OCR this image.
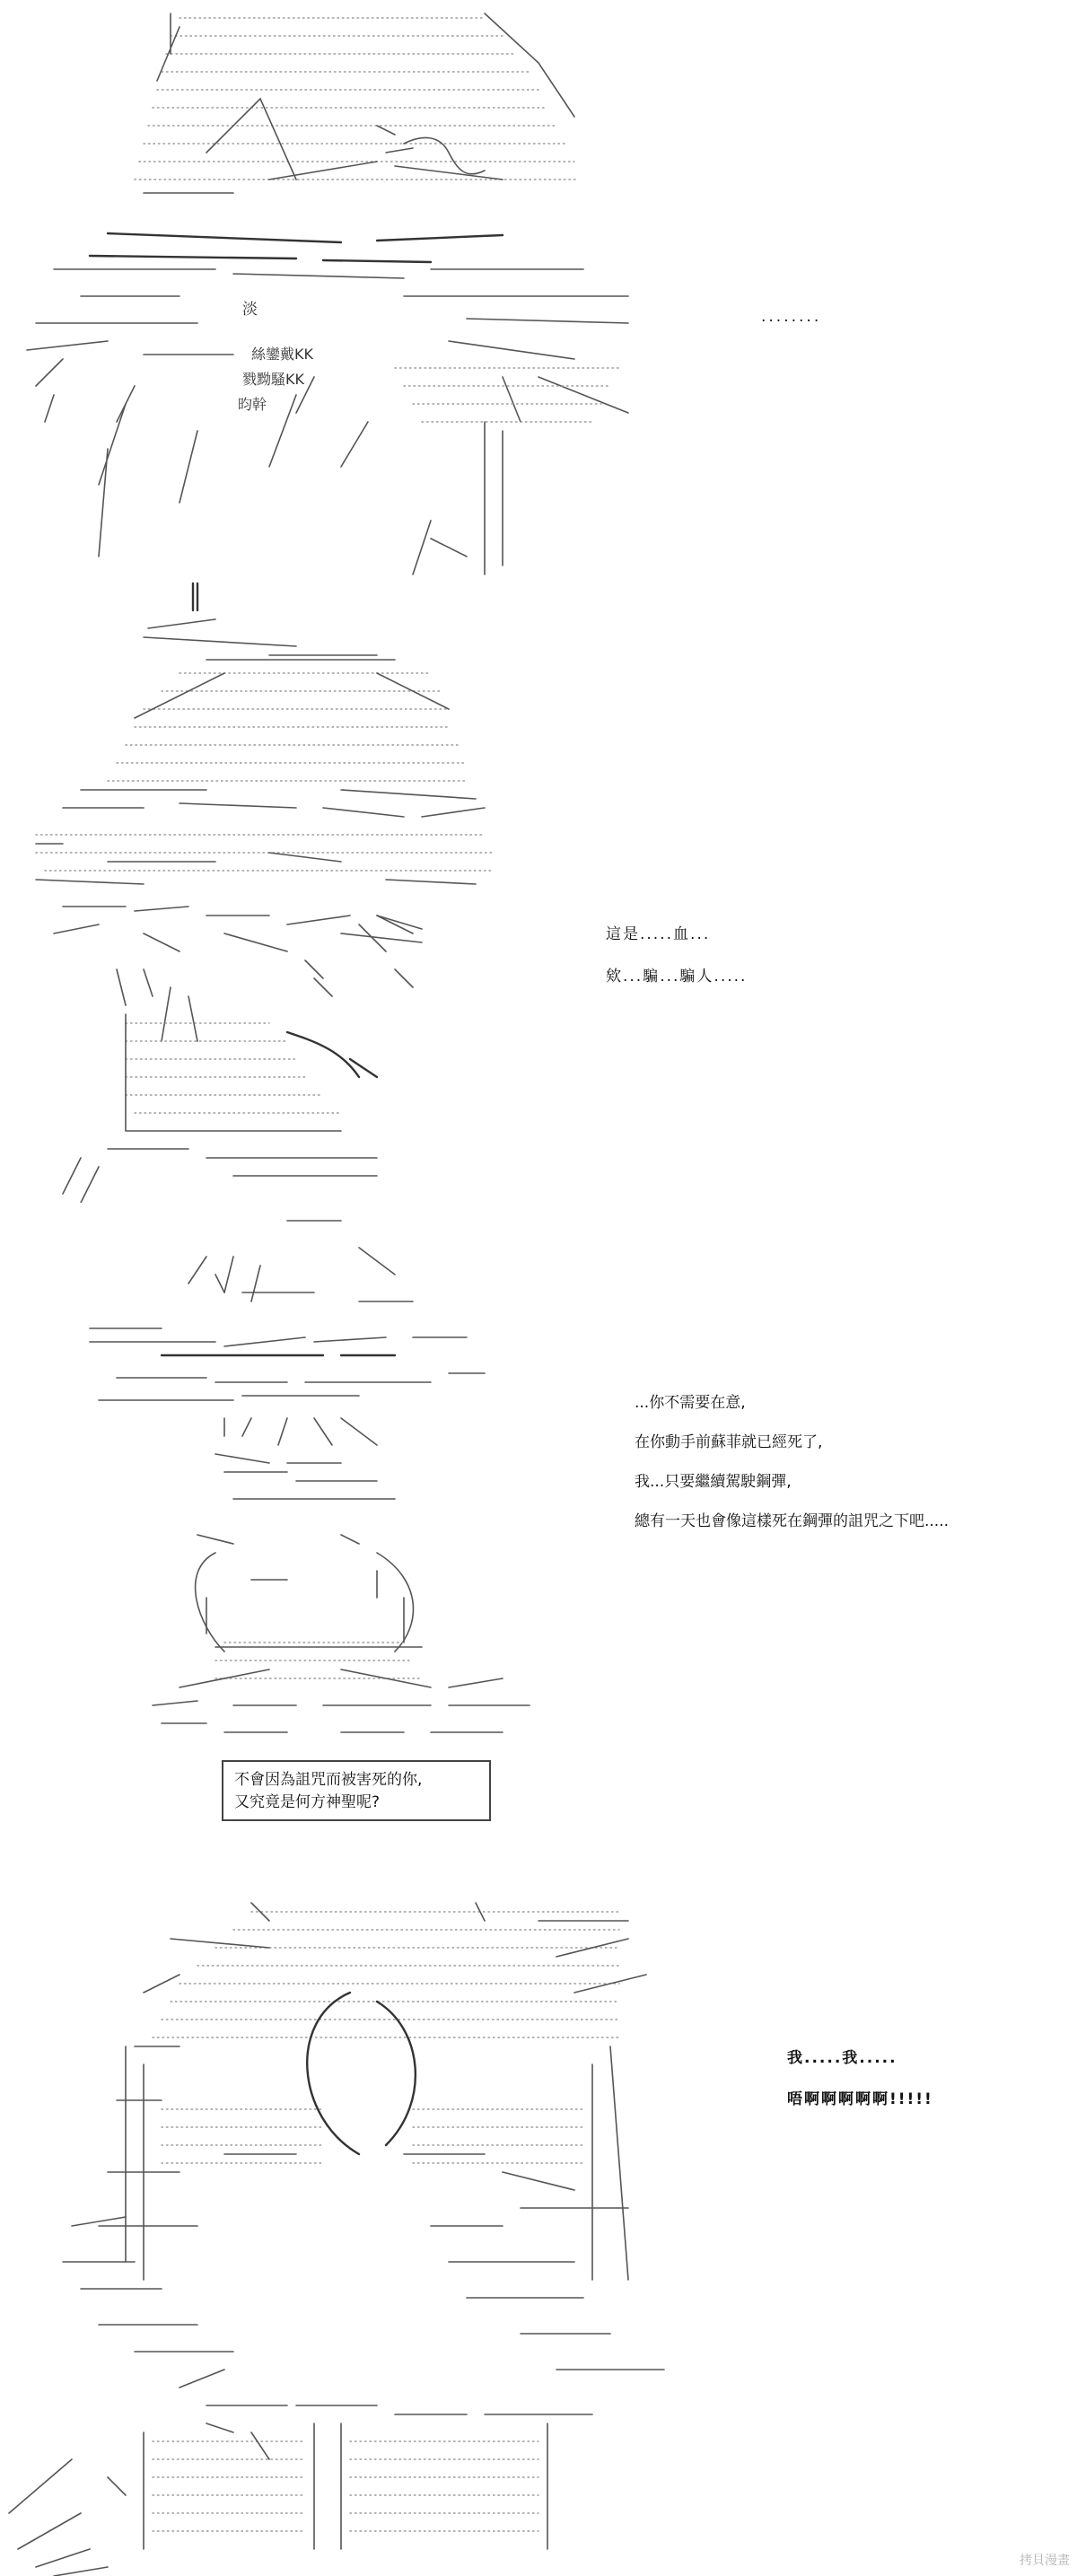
淡
絲鑾戴KK
戮黝騷KK
昀幹
........
這是.....血...
欸...騙...騙人.....
...你不需要在意,
在你動手前蘇菲就已經死了,
我...只要繼續駕駛鋼彈,
總有一天也會像這樣死在鋼彈的詛咒之下吧.....
不會因為詛咒而被害死的你,
又究竟是何方神聖呢?
我.....我.....
唔啊啊啊啊啊!!!!!
拷貝漫畫
